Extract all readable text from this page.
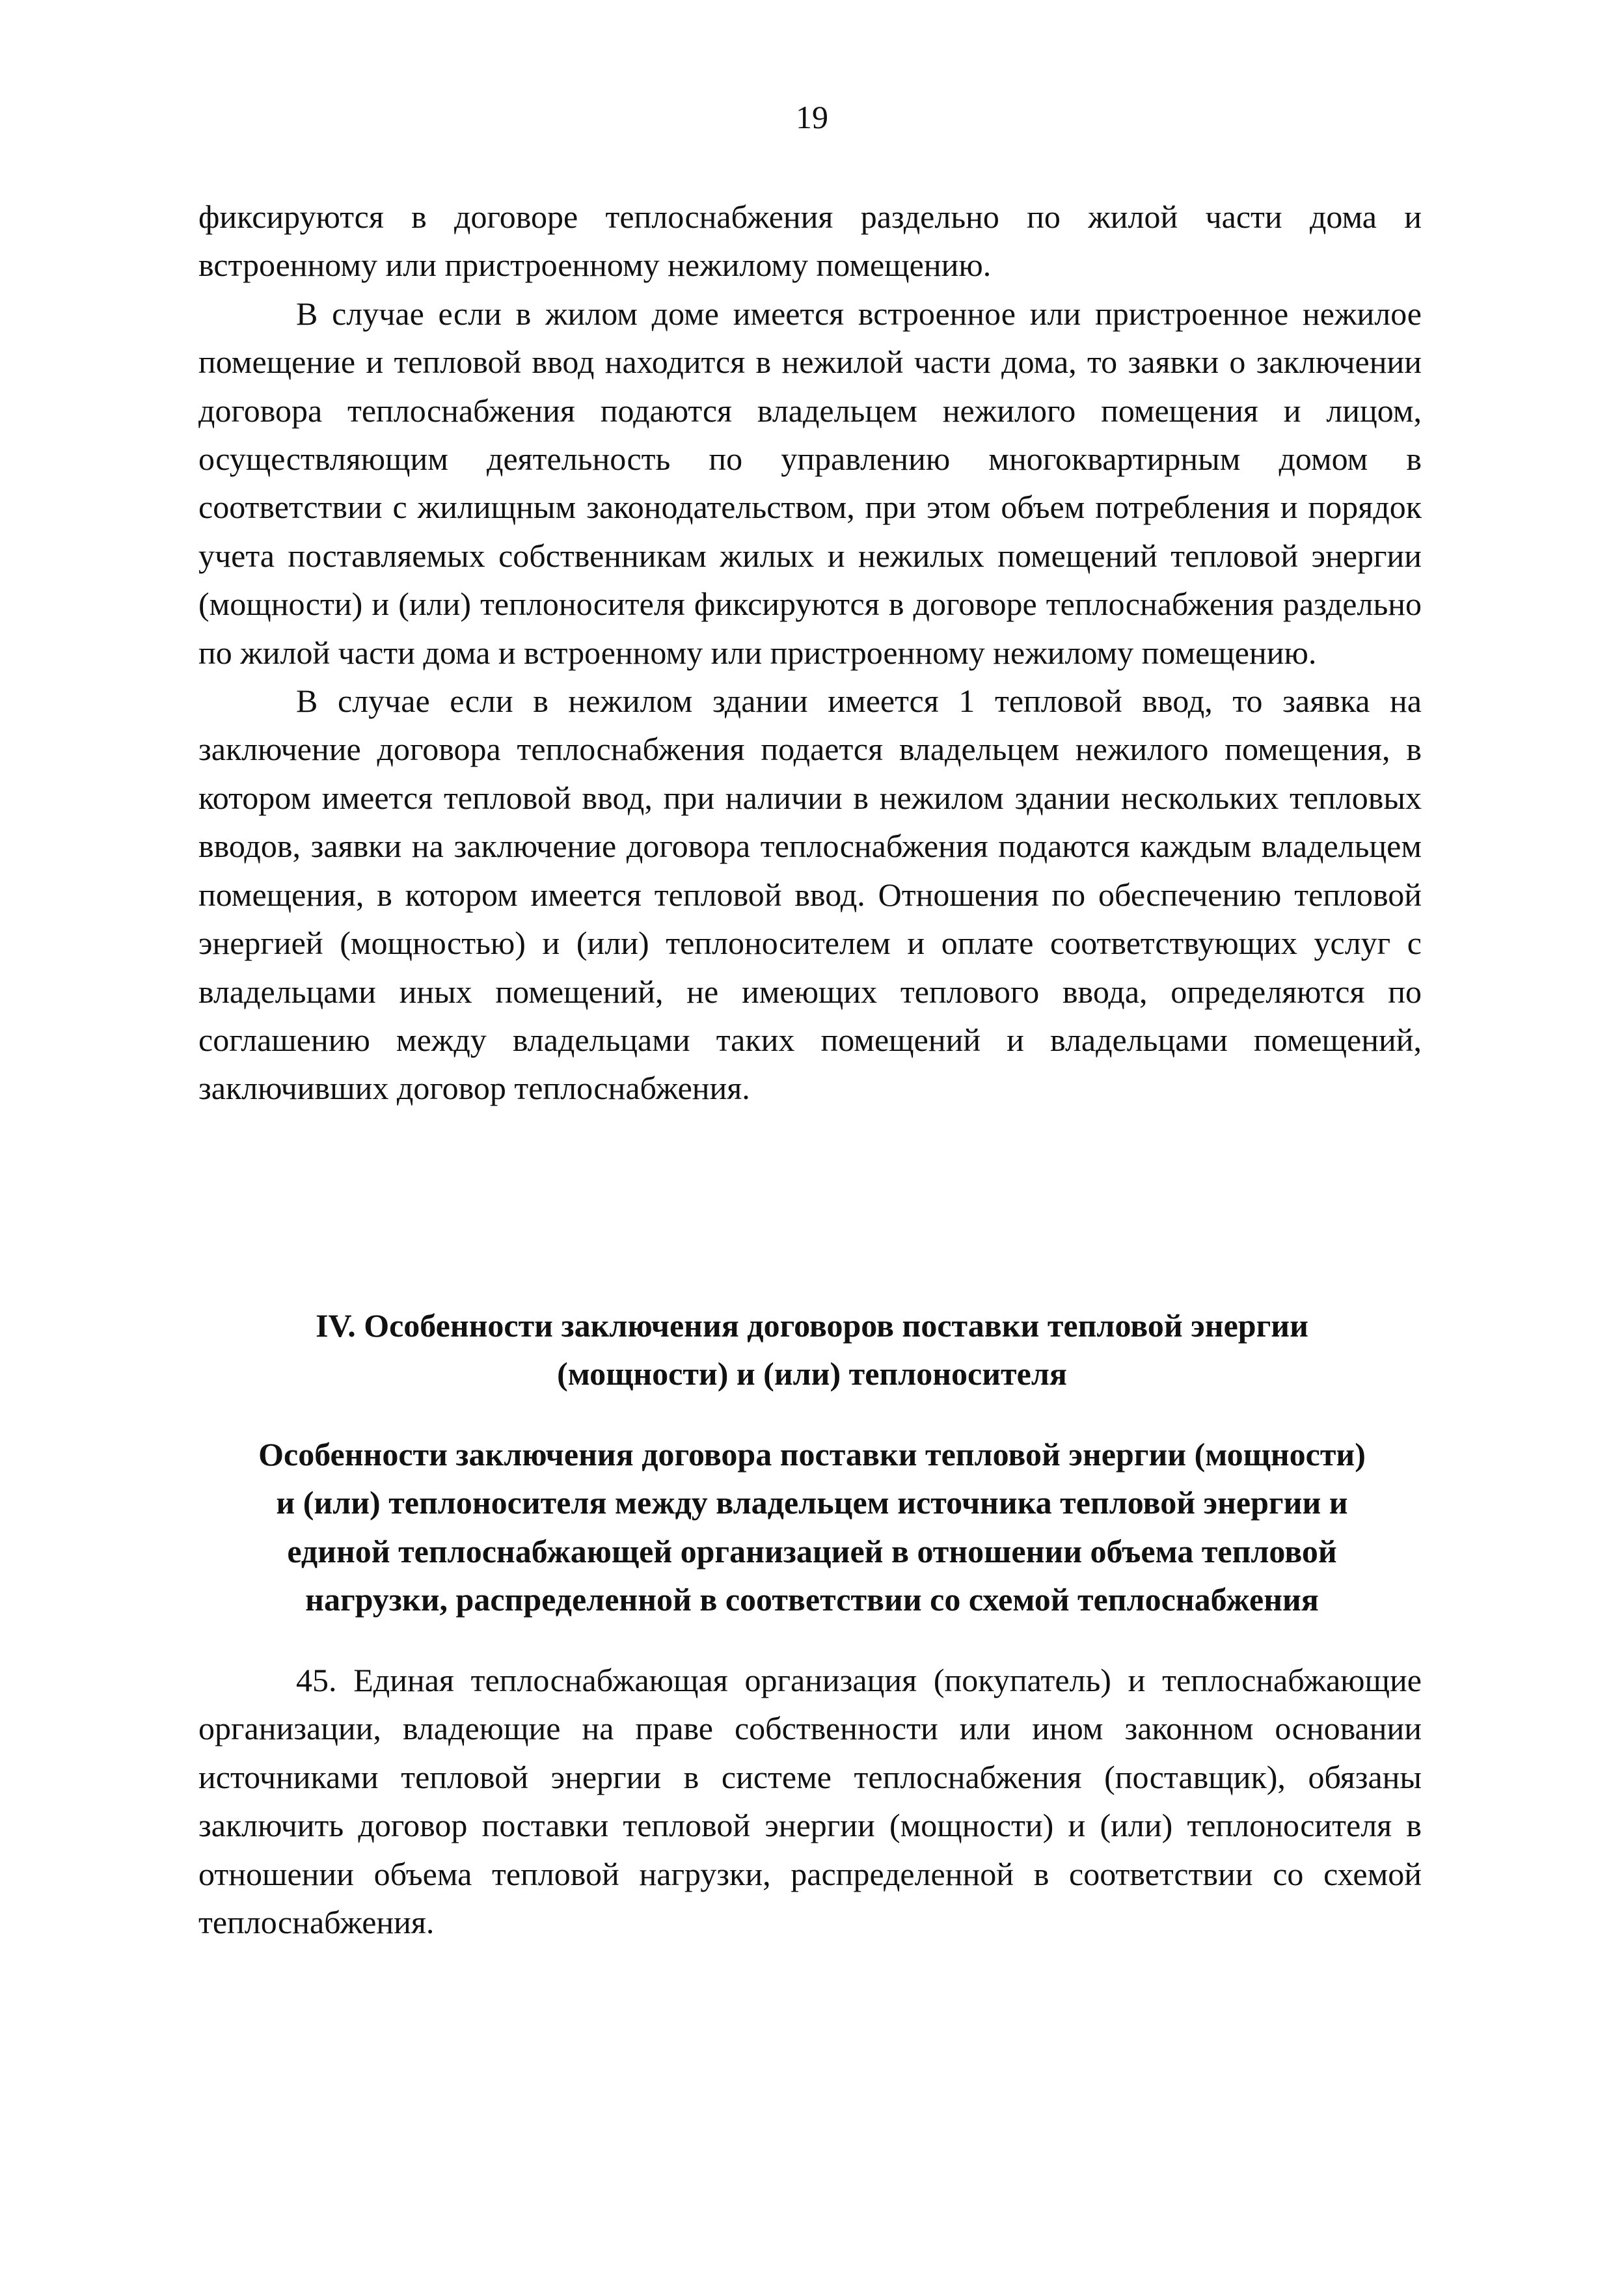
19

фиксируются в договоре теплоснабжения раздельно по жилой части дома и встроенному или пристроенному нежилому помещению.

В случае если в жилом доме имеется встроенное или пристроенное нежилое помещение и тепловой ввод находится в нежилой части дома, то заявки о заключении договора теплоснабжения подаются владельцем нежилого помещения и лицом, осуществляющим деятельность по управлению многоквартирным домом в соответствии с жилищным законодательством, при этом объем потребления и порядок учета поставляемых собственникам жилых и нежилых помещений тепловой энергии (мощности) и (или) теплоносителя фиксируются в договоре теплоснабжения раздельно по жилой части дома и встроенному или пристроенному нежилому помещению.

В случае если в нежилом здании имеется 1 тепловой ввод, то заявка на заключение договора теплоснабжения подается владельцем нежилого помещения, в котором имеется тепловой ввод, при наличии в нежилом здании нескольких тепловых вводов, заявки на заключение договора теплоснабжения подаются каждым владельцем помещения, в котором имеется тепловой ввод. Отношения по обеспечению тепловой энергией (мощностью) и (или) теплоносителем и оплате соответствующих услуг с владельцами иных помещений, не имеющих теплового ввода, определяются по соглашению между владельцами таких помещений и владельцами помещений, заключивших договор теплоснабжения.

IV. Особенности заключения договоров поставки тепловой энергии
(мощности) и (или) теплоносителя
Особенности заключения договора поставки тепловой энергии (мощности)
и (или) теплоносителя между владельцем источника тепловой энергии и
единой теплоснабжающей организацией в отношении объема тепловой
нагрузки, распределенной в соответствии со схемой теплоснабжения

45. Единая теплоснабжающая организация (покупатель) и теплоснабжающие организации, владеющие на праве собственности или ином законном основании источниками тепловой энергии в системе теплоснабжения (поставщик), обязаны заключить договор поставки тепловой энергии (мощности) и (или) теплоносителя в отношении объема тепловой нагрузки, распределенной в соответствии со схемой теплоснабжения.
